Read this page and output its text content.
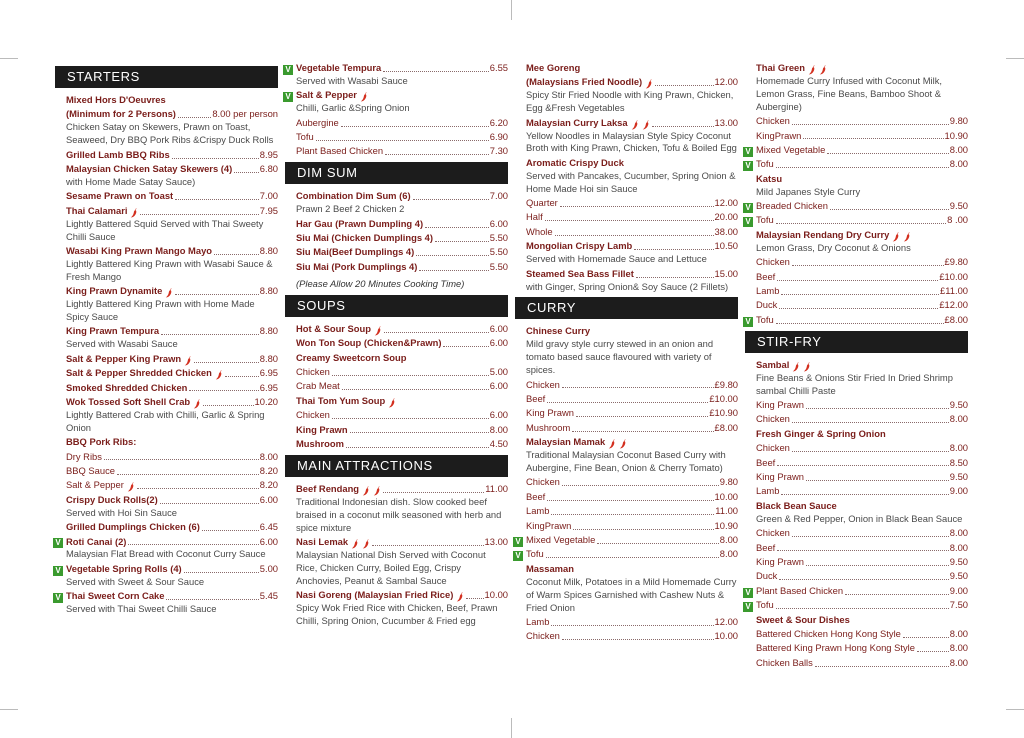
STARTERS
Mixed Hors D'Oeuvres
(Minimum for 2 Persons)	8.00 per person
Chicken Satay on Skewers, Prawn on Toast, Seaweed, Dry BBQ Pork Ribs &Crispy Duck Rolls
Grilled Lamb BBQ Ribs	8.95
Malaysian Chicken Satay Skewers (4)	6.80
with Home Made Satay Sauce)
Sesame Prawn on Toast	7.00
Thai Calamari	7.95
Lightly Battered Squid Served with Thai Sweety Chilli Sauce
Wasabi King Prawn Mango Mayo	8.80
Lightly Battered King Prawn with Wasabi Sauce & Fresh Mango
King Prawn Dynamite	8.80
Lightly Battered King Prawn with Home Made Spicy Sauce
King Prawn Tempura	8.80
Served with Wasabi Sauce
Salt & Pepper King Prawn	8.80
Salt & Pepper Shredded Chicken	6.95
Smoked Shredded Chicken	6.95
Wok Tossed Soft Shell Crab	10.20
Lightly Battered Crab with Chilli, Garlic & Spring Onion
BBQ Pork Ribs:
Dry Ribs	8.00
BBQ Sauce	8.20
Salt & Pepper	8.20
Crispy Duck Rolls(2)	6.00
Served with Hoi Sin Sauce
Grilled Dumplings Chicken (6)	6.45
V Roti Canai (2)	6.00
Malaysian Flat Bread with Coconut Curry Sauce
V Vegetable Spring Rolls (4)	5.00
Served with Sweet & Sour Sauce
V Thai Sweet Corn Cake	5.45
Served with Thai Sweet Chilli Sauce
V Vegetable Tempura	6.55
Served with Wasabi Sauce
V Salt & Pepper
Chilli, Garlic &Spring Onion
Aubergine	6.20
Tofu	6.90
Plant Based Chicken	7.30
DIM SUM
Combination Dim Sum (6)	7.00
Prawn 2 Beef 2 Chicken 2
Har Gau (Prawn Dumpling 4)	6.00
Siu Mai (Chicken Dumplings 4)	5.50
Siu Mai(Beef Dumplings 4)	5.50
Siu Mai (Pork Dumplings 4)	5.50
(Please Allow 20 Minutes Cooking Time)
SOUPS
Hot & Sour Soup	6.00
Won Ton Soup (Chicken&Prawn)	6.00
Creamy Sweetcorn Soup
Chicken	5.00
Crab Meat	6.00
Thai Tom Yum Soup
Chicken	6.00
King Prawn	8.00
Mushroom	4.50
MAIN ATTRACTIONS
Beef Rendang	11.00
Traditional Indonesian dish. Slow cooked beef braised in a coconut milk seasoned with herb and spice mixture
Nasi Lemak	13.00
Malaysian National Dish Served with Coconut Rice, Chicken Curry, Boiled Egg, Crispy Anchovies, Peanut & Sambal Sauce
Nasi Goreng (Malaysian Fried Rice)	10.00
Spicy Wok Fried Rice with Chicken, Beef, Prawn Chilli, Spring Onion, Cucumber & Fried egg
Mee Goreng
(Malaysians Fried Noodle)	12.00
Spicy Stir Fried Noodle with King Prawn, Chicken, Egg &Fresh Vegetables
Malaysian Curry Laksa	13.00
Yellow Noodles in Malaysian Style Spicy Coconut Broth with King Prawn, Chicken, Tofu & Boiled Egg
Aromatic Crispy Duck
Served with Pancakes, Cucumber, Spring Onion & Home Made Hoi sin Sauce
Quarter	12.00
Half	20.00
Whole	38.00
Mongolian Crispy Lamb	10.50
Served with Homemade Sauce and Lettuce
Steamed Sea Bass Fillet	15.00
with Ginger, Spring Onion& Soy Sauce (2 Fillets)
CURRY
Chinese Curry
Mild gravy style curry stewed in an onion and tomato based sauce flavoured with variety of spices.
Chicken	£9.80
Beef	£10.00
King Prawn	£10.90
Mushroom	£8.00
Malaysian Mamak
Traditional Malaysian Coconut Based Curry with Aubergine, Fine Bean, Onion & Cherry Tomato)
Chicken	9.80
Beef	10.00
Lamb	11.00
KingPrawn	10.90
V Mixed Vegetable	8.00
V Tofu	8.00
Massaman
Coconut Milk, Potatoes in a Mild Homemade Curry of Warm Spices Garnished with Cashew Nuts & Fried Onion
Lamb	12.00
Chicken	10.00
Thai Green
Homemade Curry Infused with Coconut Milk, Lemon Grass, Fine Beans, Bamboo Shoot & Aubergine)
Chicken	9.80
KingPrawn	10.90
V Mixed Vegetable	8.00
V Tofu	8.00
Katsu
Mild Japanes Style Curry
V Breaded Chicken	9.50
V Tofu	8 .00
Malaysian Rendang Dry Curry
Lemon Grass, Dry Coconut & Onions
Chicken	£9.80
Beef	£10.00
Lamb	£11.00
Duck	£12.00
V Tofu	£8.00
STIR-FRY
Sambal
Fine Beans & Onions Stir Fried In Dried Shrimp sambal Chilli Paste
King Prawn	9.50
Chicken	8.00
Fresh Ginger & Spring Onion
Chicken	8.00
Beef	8.50
King Prawn	9.50
Lamb	9.00
Black Bean Sauce
Green & Red Pepper, Onion in Black Bean Sauce
Chicken	8.00
Beef	8.00
King Prawn	9.50
Duck	9.50
V Plant Based Chicken	9.00
V Tofu	7.50
Sweet & Sour Dishes
Battered Chicken Hong Kong Style	8.00
Battered King Prawn Hong Kong Style	8.00
Chicken Balls	8.00
